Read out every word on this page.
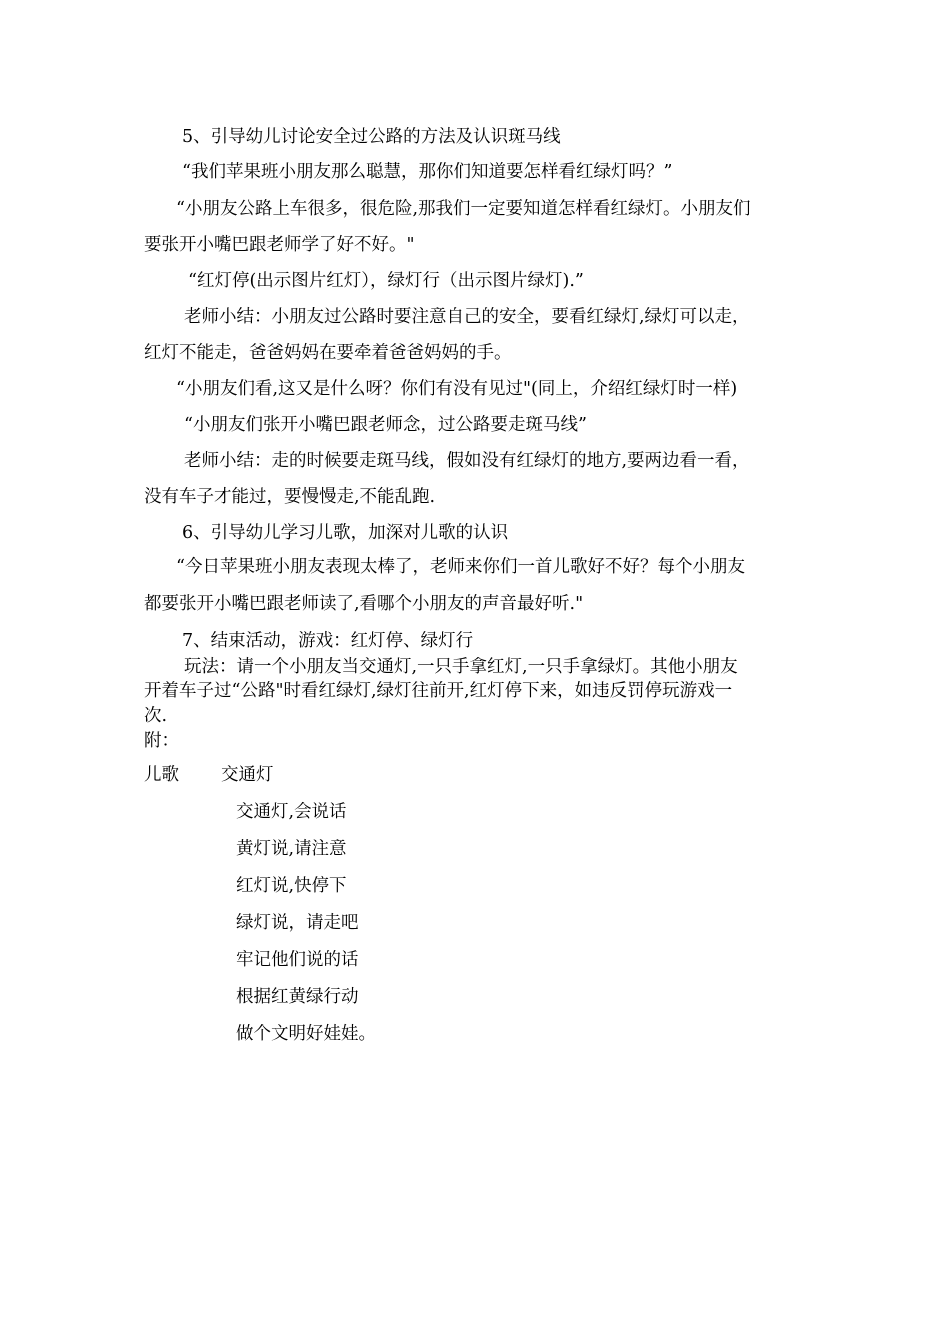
5、引导幼儿讨论安全过公路的方法及认识斑马线
“我们苹果班小朋友那么聪慧，那你们知道要怎样看红绿灯吗？”
“小朋友公路上车很多，很危险,那我们一定要知道怎样看红绿灯。小朋友们
要张开小嘴巴跟老师学了好不好。"
“红灯停(出示图片红灯），绿灯行（出示图片绿灯).”
老师小结：小朋友过公路时要注意自己的安全，要看红绿灯,绿灯可以走，
红灯不能走，爸爸妈妈在要牵着爸爸妈妈的手。
“小朋友们看,这又是什么呀？你们有没有见过"(同上，介绍红绿灯时一样)
“小朋友们张开小嘴巴跟老师念，过公路要走斑马线”
老师小结：走的时候要走斑马线，假如没有红绿灯的地方,要两边看一看，
没有车子才能过，要慢慢走,不能乱跑.
6、引导幼儿学习儿歌，加深对儿歌的认识
“今日苹果班小朋友表现太棒了，老师来你们一首儿歌好不好？每个小朋友
都要张开小嘴巴跟老师读了,看哪个小朋友的声音最好听."
7、结束活动，游戏：红灯停、绿灯行
玩法：请一个小朋友当交通灯,一只手拿红灯,一只手拿绿灯。其他小朋友
开着车子过“公路"时看红绿灯,绿灯往前开,红灯停下来，如违反罚停玩游戏一
次.
附：
儿歌 交通灯
交通灯,会说话
黄灯说,请注意
红灯说,快停下
绿灯说，请走吧
牢记他们说的话
根据红黄绿行动
做个文明好娃娃。
